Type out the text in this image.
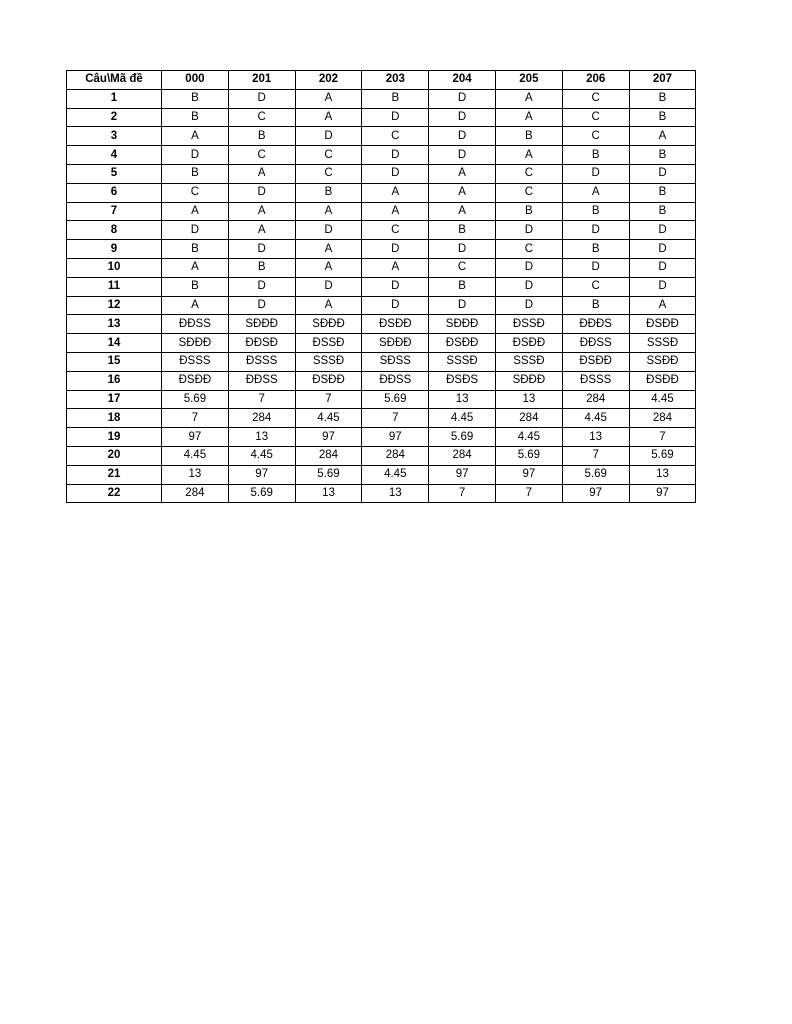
Câu\Mã đề	000	201	202	203	204	205	206	207
1	B	D	A	B	D	A	C	B
2	B	C	A	D	D	A	C	B
3	A	B	D	C	D	B	C	A
4	D	C	C	D	D	A	B	B
5	B	A	C	D	A	C	D	D
6	C	D	B	A	A	C	A	B
7	A	A	A	A	A	B	B	B
8	D	A	D	C	B	D	D	D
9	B	D	A	D	D	C	B	D
10	A	B	A	A	C	D	D	D
11	B	D	D	D	B	D	C	D
12	A	D	A	D	D	D	B	A
13	ĐĐSS	SĐĐĐ	SĐĐĐ	ĐSĐĐ	SĐĐĐ	ĐSSĐ	ĐĐĐS	ĐSĐĐ
14	SĐĐĐ	ĐĐSĐ	ĐSSĐ	SĐĐĐ	ĐSĐĐ	ĐSĐĐ	ĐĐSS	SSSĐ
15	ĐSSS	ĐSSS	SSSĐ	SĐSS	SSSĐ	SSSĐ	ĐSĐĐ	SSĐĐ
16	ĐSĐĐ	ĐĐSS	ĐSĐĐ	ĐĐSS	ĐSĐS	SĐĐĐ	ĐSSS	ĐSĐĐ
17	5.69	7	7	5.69	13	13	284	4.45
18	7	284	4.45	7	4.45	284	4.45	284
19	97	13	97	97	5.69	4.45	13	7
20	4.45	4.45	284	284	284	5.69	7	5.69
21	13	97	5.69	4.45	97	97	5.69	13
22	284	5.69	13	13	7	7	97	97
